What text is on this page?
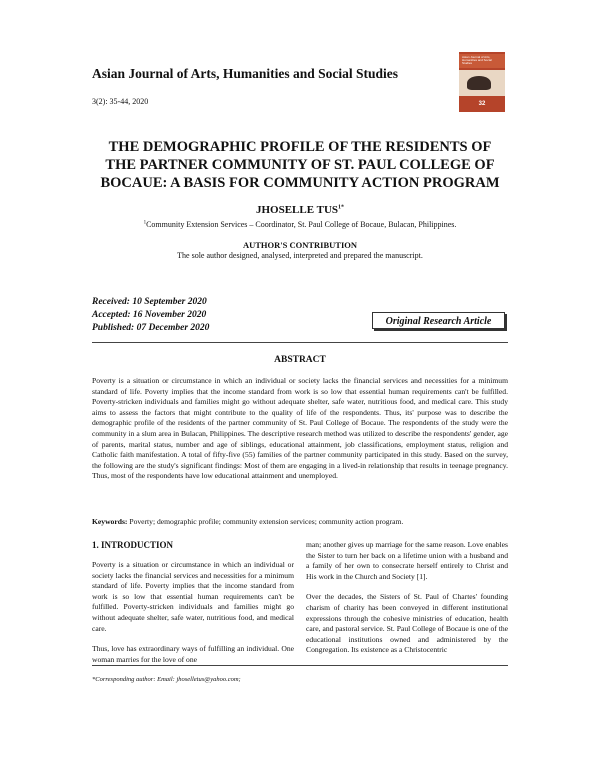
Asian Journal of Arts, Humanities and Social Studies
3(2): 35-44, 2020
Asian Journal of Arts, Humanities and Social Studies
32
THE DEMOGRAPHIC PROFILE OF THE RESIDENTS OF THE PARTNER COMMUNITY OF ST. PAUL COLLEGE OF BOCAUE: A BASIS FOR COMMUNITY ACTION PROGRAM
JHOSELLE $TUS^{1*}$
$^1$Community Extension Services – Coordinator, St. Paul College of Bocaue, Bulacan, Philippines.
AUTHOR'S CONTRIBUTION
The sole author designed, analysed, interpreted and prepared the manuscript.
Received: 10 September 2020
Accepted: 16 November 2020
Published: 07 December 2020
Original Research Article
ABSTRACT
Poverty is a situation or circumstance in which an individual or society lacks the financial services and necessities for a minimum standard of life. Poverty implies that the income standard from work is so low that essential human requirements can't be fulfilled. Poverty-stricken individuals and families might go without adequate shelter, safe water, nutritious food, and medical care. This study aims to assess the factors that might contribute to the quality of life of the respondents. Thus, its' purpose was to describe the demographic profile of the residents of the partner community of St. Paul College of Bocaue. The respondents of the study were the community in a slum area in Bulacan, Philippines. The descriptive research method was utilized to describe the respondents' gender, age of parents, marital status, number and age of siblings, educational attainment, job classifications, employment status, religion and Catholic faith manifestation. A total of fifty-five (55) families of the partner community participated in this study. Based on the survey, the following are the study's significant findings: Most of them are engaging in a lived-in relationship that results in teenage pregnancy. Thus, most of the respondents have low educational attainment and unemployed.
Keywords: Poverty; demographic profile; community extension services; community action program.
1. INTRODUCTION

Poverty is a situation or circumstance in which an individual or society lacks the financial services and necessities for a minimum standard of life. Poverty implies that the income standard from work is so low that essential human requirements can't be fulfilled. Poverty-stricken individuals and families might go without adequate shelter, safe water, nutritious food, and medical care.

Thus, love has extraordinary ways of fulfilling an individual. One woman marries for the love of one

man; another gives up marriage for the same reason. Love enables the Sister to turn her back on a lifetime union with a husband and a family of her own to consecrate herself entirely to Christ and His work in the Church and Society [1].

Over the decades, the Sisters of St. Paul of Chartes' founding charism of charity has been conveyed in different institutional expressions through the cohesive ministries of education, health care, and pastoral service. St. Paul College of Bocaue is one of the educational institutions owned and administered by the Congregation. Its existence as a Christocentric

*Corresponding author: Email: jhoselletus@yahoo.com;
